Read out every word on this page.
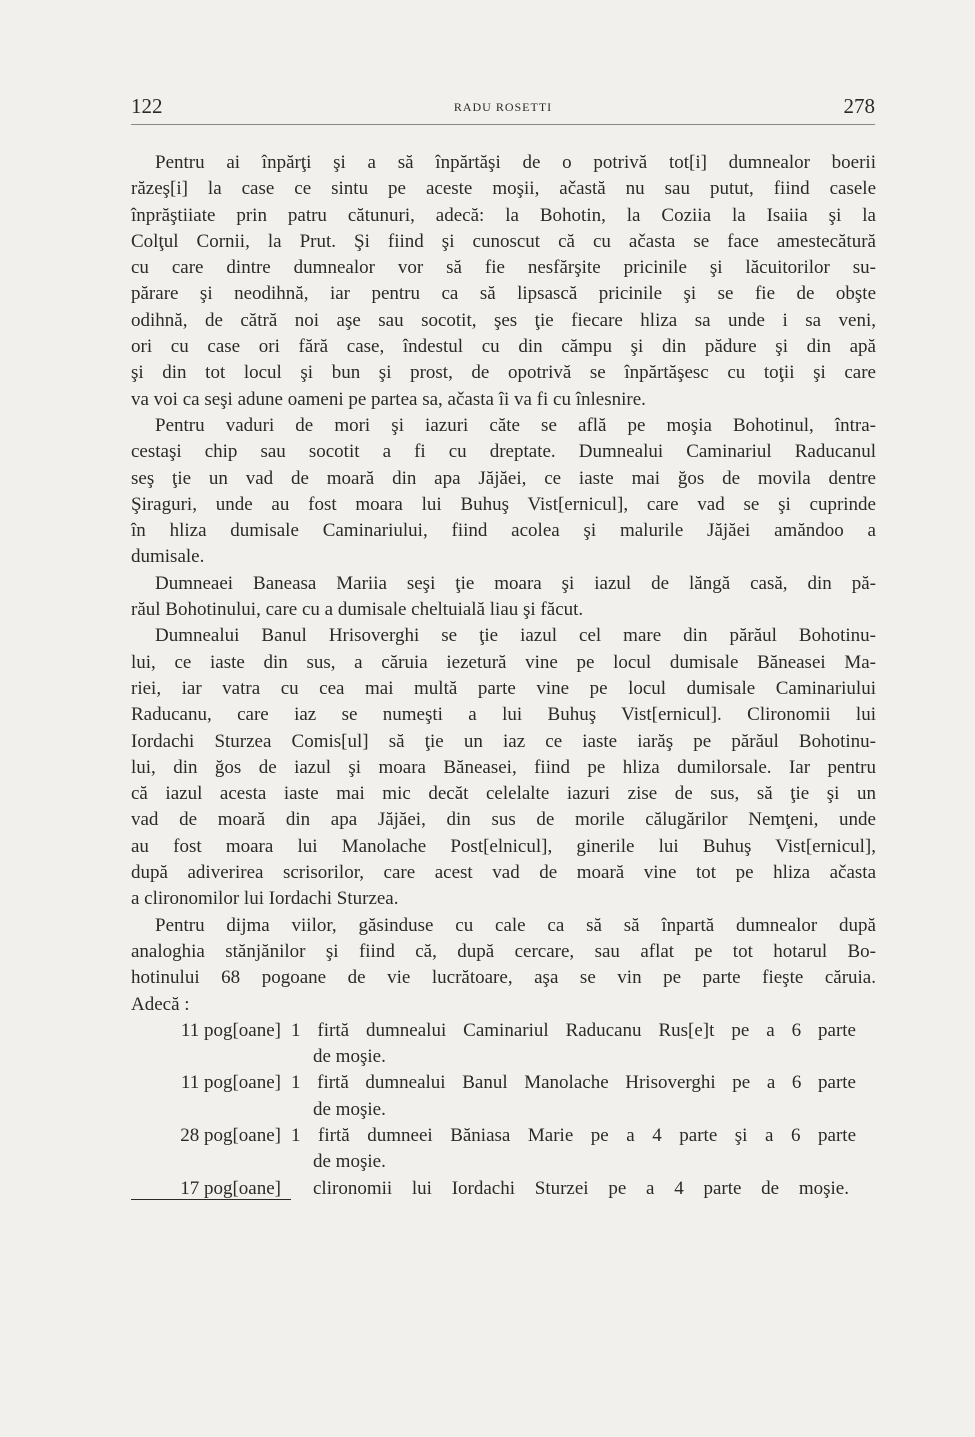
122	RADU ROSETTI	278
Pentru ai înpărţi şi a să înpărtăşi de o potrivă tot[i] dumnealor boerii
răzeş[i] la case ce sintu pe aceste moşii, ačastă nu sau putut, fiind casele
înprăştiiate prin patru cătunuri, adecă: la Bohotin, la Coziia la Isaiia şi la
Colţul Cornii, la Prut. Şi fiind şi cunoscut că cu ačasta se face amestecătură
cu care dintre dumnealor vor să fie nesfărşite pricinile şi lăcuitorilor su-
părare şi neodihnă, iar pentru ca să lipsască pricinile şi se fie de obşte
odihnă, de cătră noi aşe sau socotit, şes ţie fiecare hliza sa unde i sa veni,
ori cu case ori fără case, îndestul cu din cămpu şi din pădure şi din apă
şi din tot locul şi bun şi prost, de opotrivă se înpărtăşesc cu toţii şi care
va voi ca seşi adune oameni pe partea sa, ačasta îi va fi cu înlesnire.
Pentru vaduri de mori şi iazuri căte se află pe moşia Bohotinul, întra-
cestaşi chip sau socotit a fi cu dreptate. Dumnealui Caminariul Raducanul
seş ţie un vad de moară din apa Jăjăei, ce iaste mai ğos de movila dentre
Şiraguri, unde au fost moara lui Buhuş Vist[ernicul], care vad se şi cuprinde
în hliza dumisale Caminariului, fiind acolea şi malurile Jăjăei amăndoo a
dumisale.
Dumneaei Baneasa Mariia seşi ţie moara şi iazul de lăngă casă, din pă-
răul Bohotinului, care cu a dumisale cheltuială liau şi făcut.
Dumnealui Banul Hrisoverghi se ţie iazul cel mare din părăul Bohotinu-
lui, ce iaste din sus, a căruia iezetură vine pe locul dumisale Băneasei Ma-
riei, iar vatra cu cea mai multă parte vine pe locul dumisale Caminariului
Raducanu, care iaz se numeşti a lui Buhuş Vist[ernicul]. Clironomii lui
Iordachi Sturzea Comis[ul] să ţie un iaz ce iaste iarăş pe părăul Bohotinu-
lui, din ğos de iazul şi moara Băneasei, fiind pe hliza dumilorsale. Iar pentru
că iazul acesta iaste mai mic decăt celelalte iazuri zise de sus, să ţie şi un
vad de moară din apa Jăjăei, din sus de morile călugărilor Nemţeni, unde
au fost moara lui Manolache Post[elnicul], ginerile lui Buhuş Vist[ernicul],
după adiverirea scrisorilor, care acest vad de moară vine tot pe hliza ačasta
a clironomilor lui Iordachi Sturzea.
Pentru dijma viilor, găsinduse cu cale ca să să înpartă dumnealor după
analoghia stănjănilor şi fiind că, după cercare, sau aflat pe tot hotarul Bo-
hotinului 68 pogoane de vie lucrătoare, aşa se vin pe parte fieşte căruia.
Adecă :
11 pog[oane] 1 firtă dumnealui Caminariul Raducanu Rus[e]t pe a 6 parte
de moşie.
11 pog[oane] 1 firtă dumnealui Banul Manolache Hrisoverghi pe a 6 parte
de moşie.
28 pog[oane] 1 firtă dumneei Băniasa Marie pe a 4 parte şi a 6 parte
de moşie.
17 pog[oane] clironomii lui Iordachi Sturzei pe a 4 parte de moşie.
